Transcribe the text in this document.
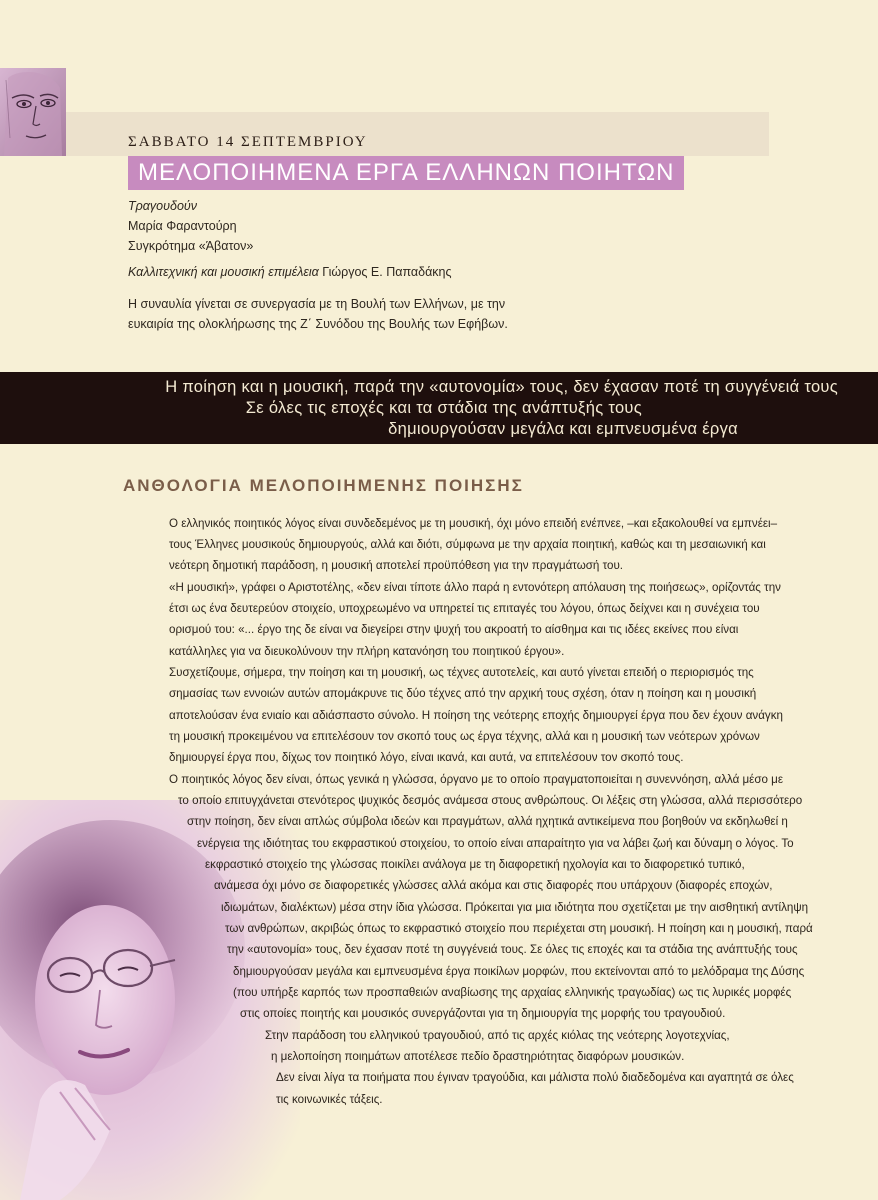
ΣΑΒΒΑΤΟ 14 ΣΕΠΤΕΜΒΡΙΟΥ
ΜΕΛΟΠΟΙΗΜΕΝΑ ΕΡΓΑ ΕΛΛΗΝΩΝ ΠΟΙΗΤΩΝ
Τραγουδούν
Μαρία Φαραντούρη
Συγκρότημα «Άβατον»
Καλλιτεχνική και μουσική επιμέλεια Γιώργος Ε. Παπαδάκης
Η συναυλία γίνεται σε συνεργασία με τη Βουλή των Ελλήνων, με την
ευκαιρία της ολοκλήρωσης της Ζ΄ Συνόδου της Βουλής των Εφήβων.
Η ποίηση και η μουσική, παρά την «αυτονομία» τους, δεν έχασαν ποτέ τη συγγένειά τους
Σε όλες τις εποχές και τα στάδια της ανάπτυξής τους
δημιουργούσαν μεγάλα και εμπνευσμένα έργα
ΑΝΘΟΛΟΓΙΑ ΜΕΛΟΠΟΙΗΜΕΝΗΣ ΠΟΙΗΣΗΣ
Ο ελληνικός ποιητικός λόγος είναι συνδεδεμένος με τη μουσική, όχι μόνο επειδή ενέπνεε, –και εξακολουθεί να εμπνέει–
τους Έλληνες μουσικούς δημιουργούς, αλλά και διότι, σύμφωνα με την αρχαία ποιητική, καθώς και τη μεσαιωνική και
νεότερη δημοτική παράδοση, η μουσική αποτελεί προϋπόθεση για την πραγμάτωσή του.
«Η μουσική», γράφει ο Αριστοτέλης, «δεν είναι τίποτε άλλο παρά η εντονότερη απόλαυση της ποιήσεως», ορίζοντάς την
έτσι ως ένα δευτερεύον στοιχείο, υποχρεωμένο να υπηρετεί τις επιταγές του λόγου, όπως δείχνει και η συνέχεια του
ορισμού του: «... έργο της δε είναι να διεγείρει στην ψυχή του ακροατή το αίσθημα και τις ιδέες εκείνες που είναι
κατάλληλες για να διευκολύνουν την πλήρη κατανόηση του ποιητικού έργου».
Συσχετίζουμε, σήμερα, την ποίηση και τη μουσική, ως τέχνες αυτοτελείς, και αυτό γίνεται επειδή ο περιορισμός της
σημασίας των εννοιών αυτών απομάκρυνε τις δύο τέχνες από την αρχική τους σχέση, όταν η ποίηση και η μουσική
αποτελούσαν ένα ενιαίο και αδιάσπαστο σύνολο. Η ποίηση της νεότερης εποχής δημιουργεί έργα που δεν έχουν ανάγκη
τη μουσική προκειμένου να επιτελέσουν τον σκοπό τους ως έργα τέχνης, αλλά και η μουσική των νεότερων χρόνων
δημιουργεί έργα που, δίχως τον ποιητικό λόγο, είναι ικανά, και αυτά, να επιτελέσουν τον σκοπό τους.
Ο ποιητικός λόγος δεν είναι, όπως γενικά η γλώσσα, όργανο με το οποίο πραγματοποιείται η συνεννόηση, αλλά μέσο με
το οποίο επιτυγχάνεται στενότερος ψυχικός δεσμός ανάμεσα στους ανθρώπους. Οι λέξεις στη γλώσσα, αλλά περισσότερο
στην ποίηση, δεν είναι απλώς σύμβολα ιδεών και πραγμάτων, αλλά ηχητικά αντικείμενα που βοηθούν να εκδηλωθεί η
ενέργεια της ιδιότητας του εκφραστικού στοιχείου, το οποίο είναι απαραίτητο για να λάβει ζωή και δύναμη ο λόγος. Το
εκφραστικό στοιχείο της γλώσσας ποικίλει ανάλογα με τη διαφορετική ηχολογία και το διαφορετικό τυπικό,
ανάμεσα όχι μόνο σε διαφορετικές γλώσσες αλλά ακόμα και στις διαφορές που υπάρχουν (διαφορές εποχών,
ιδιωμάτων, διαλέκτων) μέσα στην ίδια γλώσσα. Πρόκειται για μια ιδιότητα που σχετίζεται με την αισθητική αντίληψη
των ανθρώπων, ακριβώς όπως το εκφραστικό στοιχείο που περιέχεται στη μουσική. Η ποίηση και η μουσική, παρά
την «αυτονομία» τους, δεν έχασαν ποτέ τη συγγένειά τους. Σε όλες τις εποχές και τα στάδια της ανάπτυξής τους
δημιουργούσαν μεγάλα και εμπνευσμένα έργα ποικίλων μορφών, που εκτείνονται από το μελόδραμα της Δύσης
(που υπήρξε καρπός των προσπαθειών αναβίωσης της αρχαίας ελληνικής τραγωδίας) ως τις λυρικές μορφές
στις οποίες ποιητής και μουσικός συνεργάζονται για τη δημιουργία της μορφής του τραγουδιού.
Στην παράδοση του ελληνικού τραγουδιού, από τις αρχές κιόλας της νεότερης λογοτεχνίας,
η μελοποίηση ποιημάτων αποτέλεσε πεδίο δραστηριότητας διαφόρων μουσικών.
Δεν είναι λίγα τα ποιήματα που έγιναν τραγούδια, και μάλιστα πολύ διαδεδομένα και αγαπητά σε όλες
τις κοινωνικές τάξεις.
